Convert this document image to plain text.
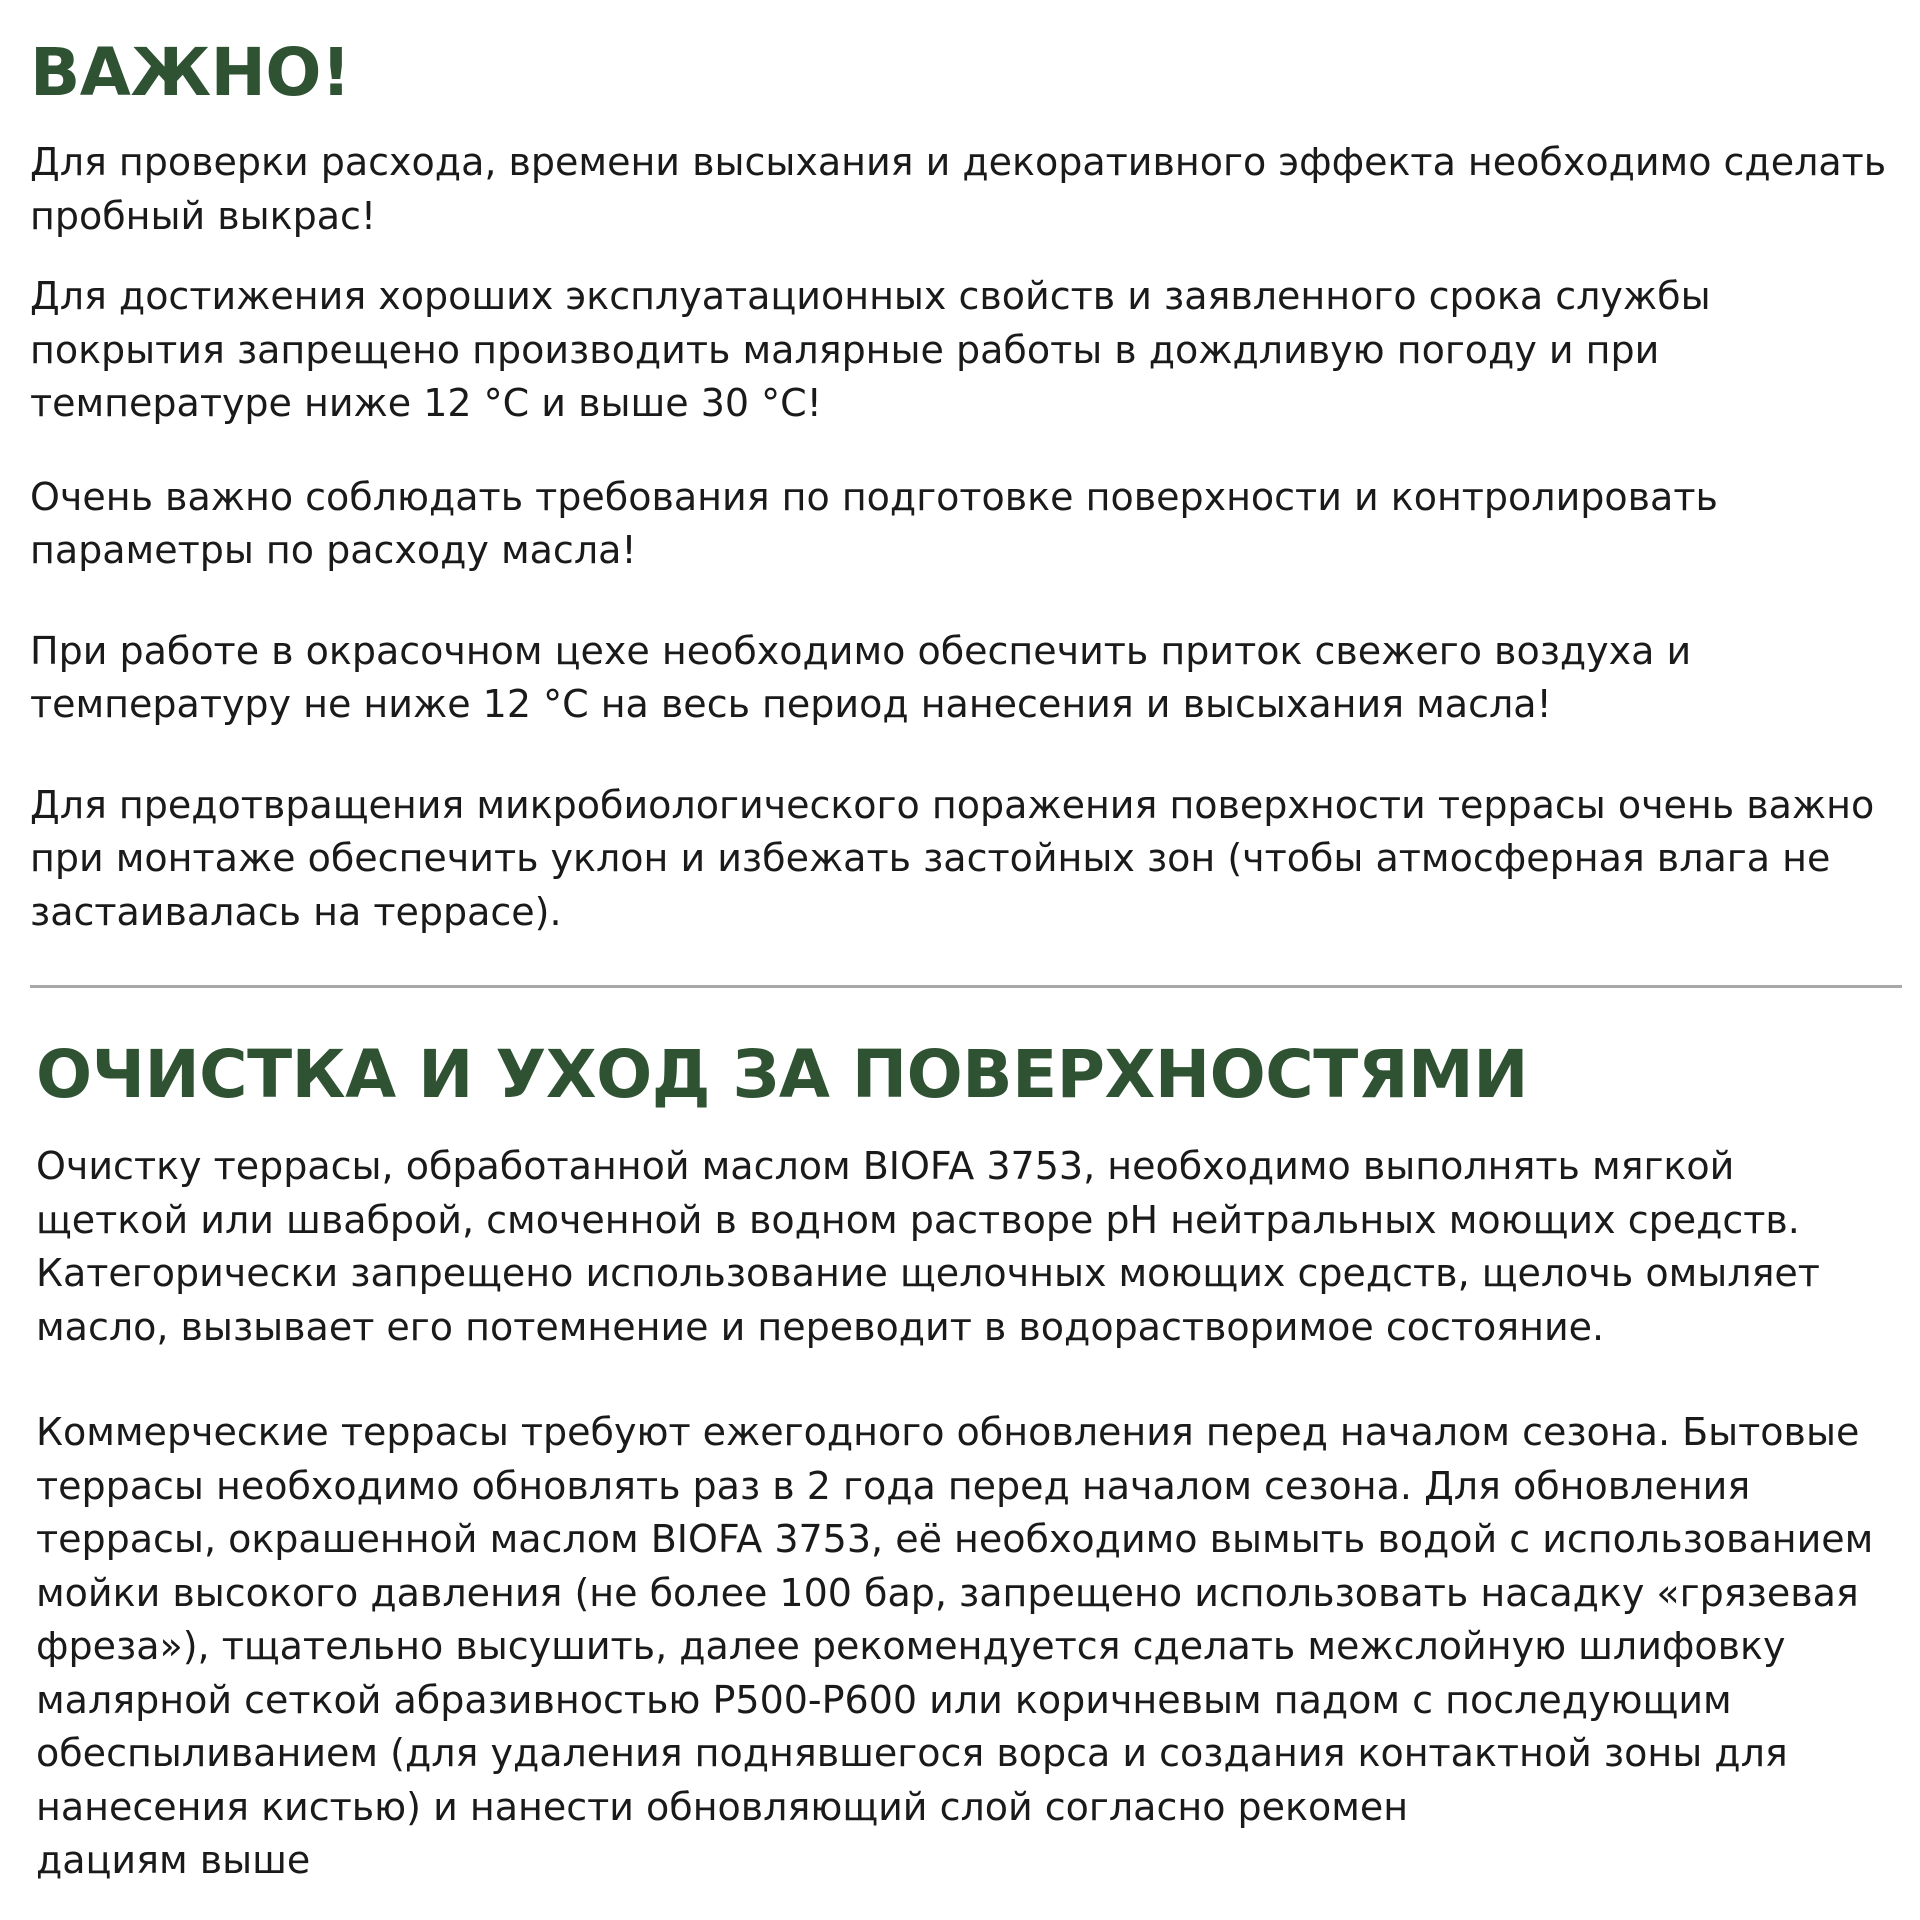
ВАЖНО!

Для проверки расхода, времени высыхания и декоративного эффекта необходимо сделать
пробный выкрас!

Для достижения хороших эксплуатационных свойств и заявленного срока службы
покрытия запрещено производить малярные работы в дождливую погоду и при
температуре ниже 12 °С и выше 30 °С!

Очень важно соблюдать требования по подготовке поверхности и контролировать
параметры по расходу масла!

При работе в окрасочном цехе необходимо обеспечить приток свежего воздуха и
температуру не ниже 12 °С на весь период нанесения и высыхания масла!

Для предотвращения микробиологического поражения поверхности террасы очень важно
при монтаже обеспечить уклон и избежать застойных зон (чтобы атмосферная влага не
застаивалась на террасе).

ОЧИСТКА И УХОД ЗА ПОВЕРХНОСТЯМИ

Очистку террасы, обработанной маслом BIOFA 3753, необходимо выполнять мягкой
щеткой или шваброй, смоченной в водном растворе рН нейтральных моющих средств.
Категорически запрещено использование щелочных моющих средств, щелочь омыляет
масло, вызывает его потемнение и переводит в водорастворимое состояние.

Коммерческие террасы требуют ежегодного обновления перед началом сезона. Бытовые
террасы необходимо обновлять раз в 2 года перед началом сезона. Для обновления
террасы, окрашенной маслом BIOFA 3753, её необходимо вымыть водой с использованием
мойки высокого давления (не более 100 бар, запрещено использовать насадку «грязевая
фреза»), тщательно высушить, далее рекомендуется сделать межслойную шлифовку
малярной сеткой абразивностью Р500-Р600 или коричневым падом с последующим
обеспыливанием (для удаления поднявшегося ворса и создания контактной зоны для
нанесения кистью) и нанести обновляющий слой согласно рекомен
дациям выше
